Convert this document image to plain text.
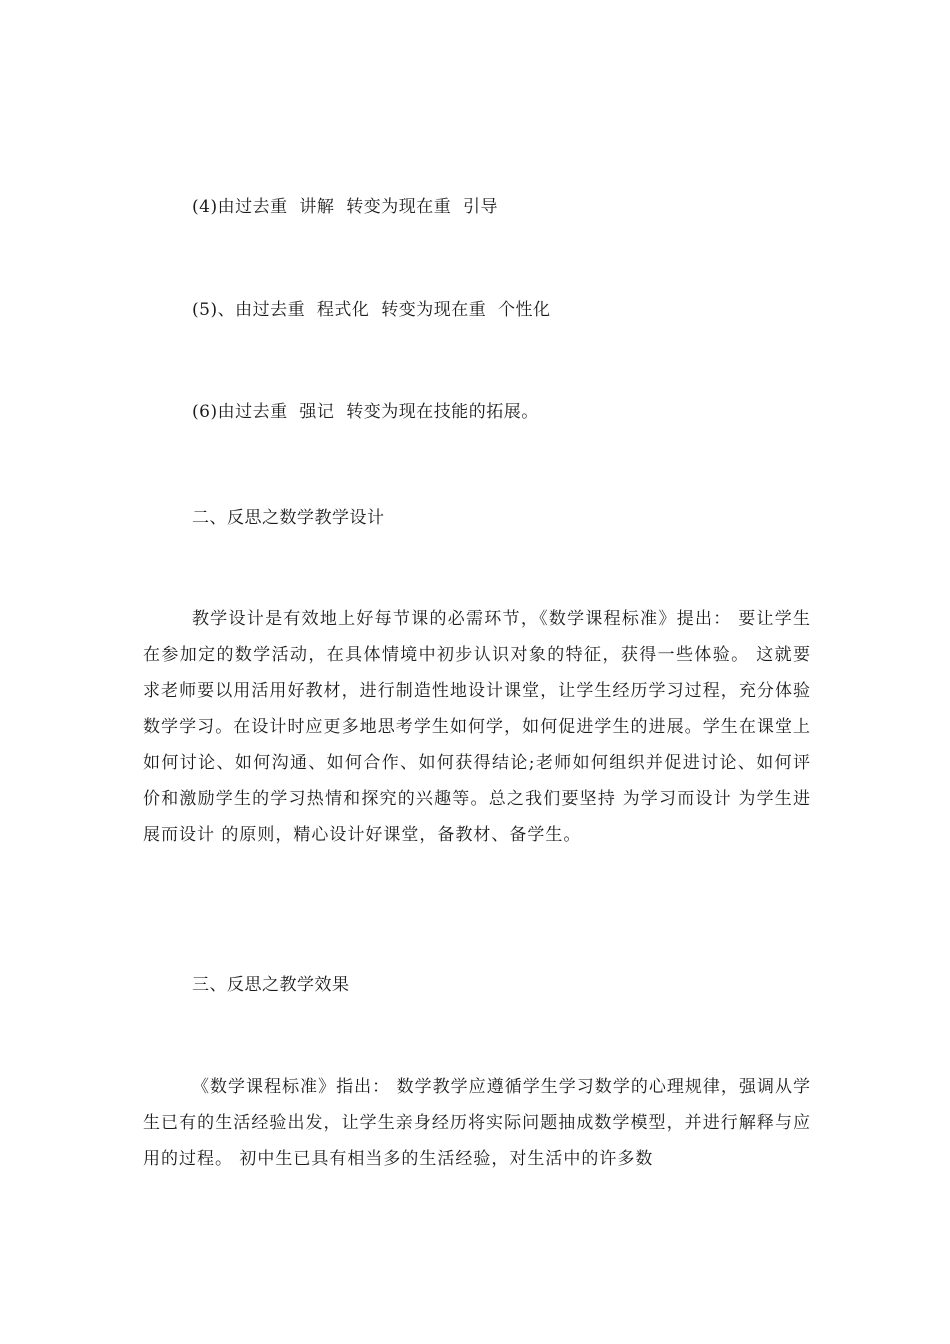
(4)由过去重  讲解  转变为现在重  引导
(5)、由过去重  程式化  转变为现在重  个性化
(6)由过去重  强记  转变为现在技能的拓展。
二、反思之数学教学设计

教学设计是有效地上好每节课的必需环节，《数学课程标准》提出： 要让学生在参加定的数学活动，在具体情境中初步认识对象的特征，获得一些体验。 这就要求老师要以用活用好教材，进行制造性地设计课堂，让学生经历学习过程，充分体验数学学习。在设计时应更多地思考学生如何学，如何促进学生的进展。学生在课堂上如何讨论、如何沟通、如何合作、如何获得结论;老师如何组织并促进讨论、如何评价和激励学生的学习热情和探究的兴趣等。总之我们要坚持 为学习而设计 为学生进展而设计 的原则，精心设计好课堂，备教材、备学生。

三、反思之教学效果

《数学课程标准》指出： 数学教学应遵循学生学习数学的心理规律，强调从学生已有的生活经验出发，让学生亲身经历将实际问题抽成数学模型，并进行解释与应用的过程。 初中生已具有相当多的生活经验，对生活中的许多数
